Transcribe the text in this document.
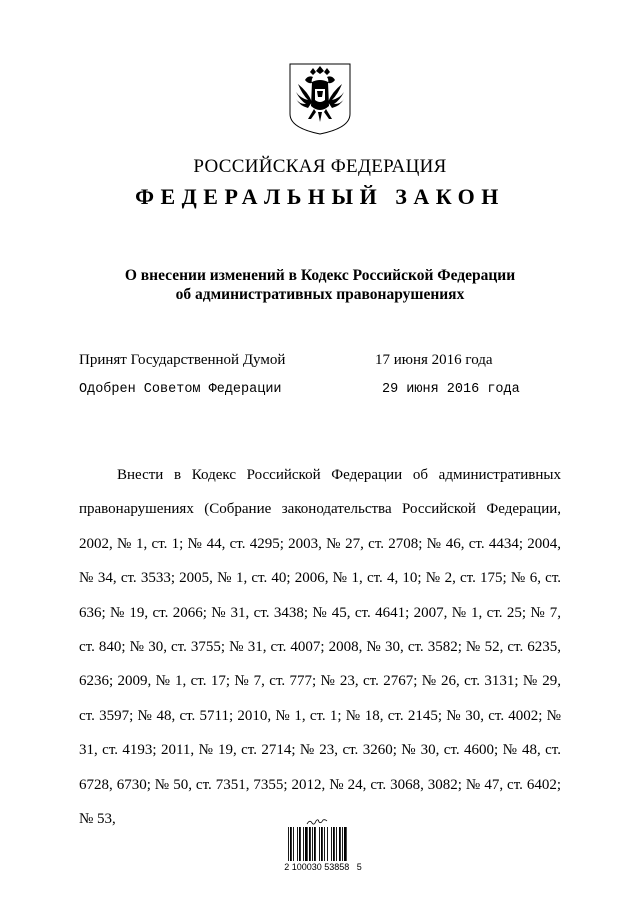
РОССИЙСКАЯ ФЕДЕРАЦИЯ
ФЕДЕРАЛЬНЫЙ ЗАКОН
О внесении изменений в Кодекс Российской Федерации
об административных правонарушениях
Принят Государственной Думой	17 июня 2016 года
Одобрен Советом Федерации	29 июня 2016 года

Внести в Кодекс Российской Федерации об административных правонарушениях (Собрание законодательства Российской Федерации, 2002, № 1, ст. 1; № 44, ст. 4295; 2003, № 27, ст. 2708; № 46, ст. 4434; 2004, № 34, ст. 3533; 2005, № 1, ст. 40; 2006, № 1, ст. 4, 10; № 2, ст. 175; № 6, ст. 636; № 19, ст. 2066; № 31, ст. 3438; № 45, ст. 4641; 2007, № 1, ст. 25; № 7, ст. 840; № 30, ст. 3755; № 31, ст. 4007; 2008, № 30, ст. 3582; № 52, ст. 6235, 6236; 2009, № 1, ст. 17; № 7, ст. 777; № 23, ст. 2767; № 26, ст. 3131; № 29, ст. 3597; № 48, ст. 5711; 2010, № 1, ст. 1; № 18, ст. 2145; № 30, ст. 4002; № 31, ст. 4193; 2011, № 19, ст. 2714; № 23, ст. 3260; № 30, ст. 4600; № 48, ст. 6728, 6730; № 50, ст. 7351, 7355; 2012, № 24, ст. 3068, 3082; № 47, ст. 6402; № 53,

2 100030 53858   5
